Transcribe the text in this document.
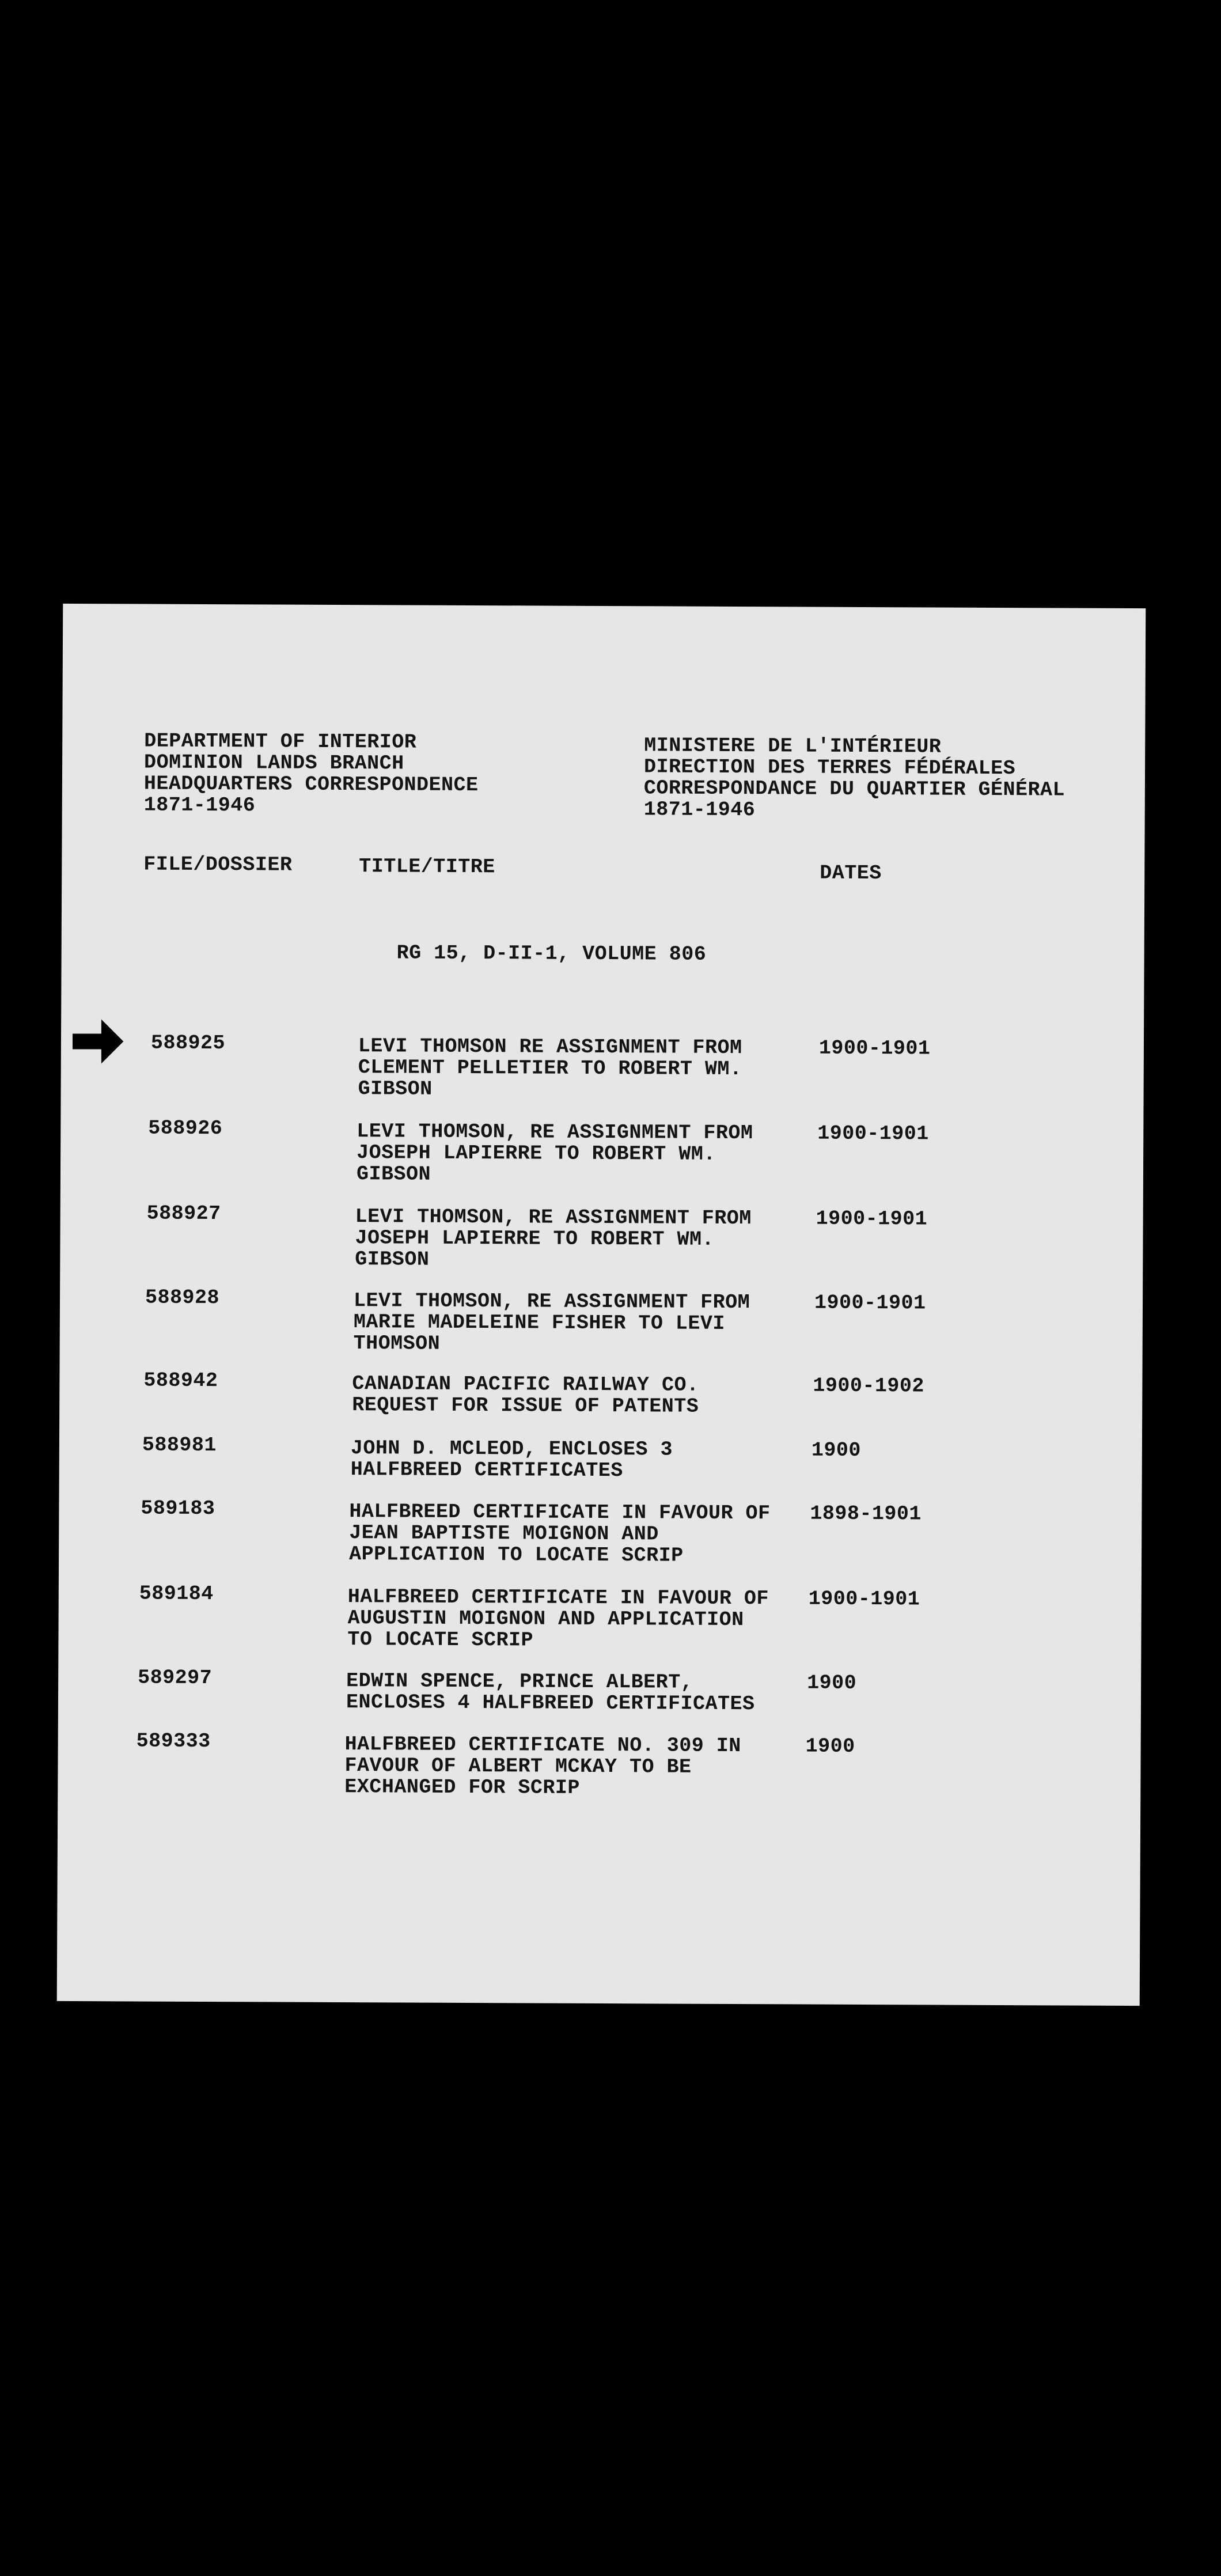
DEPARTMENT OF INTERIOR
DOMINION LANDS BRANCH
HEADQUARTERS CORRESPONDENCE
1871-1946

MINISTERE DE L'INTÉRIEUR
DIRECTION DES TERRES FÉDÉRALES
CORRESPONDANCE DU QUARTIER GÉNÉRAL
1871-1946

FILE/DOSSIER	TITLE/TITRE	DATES

RG 15, D-II-1, VOLUME 806

588925	LEVI THOMSON RE ASSIGNMENT FROM
CLEMENT PELLETIER TO ROBERT WM.
GIBSON

1900-1901

588926	LEVI THOMSON, RE ASSIGNMENT FROM
JOSEPH LAPIERRE TO ROBERT WM.
GIBSON

1900-1901

588927	LEVI THOMSON, RE ASSIGNMENT FROM
JOSEPH LAPIERRE TO ROBERT WM.
GIBSON

1900-1901

588928	LEVI THOMSON, RE ASSIGNMENT FROM
MARIE MADELEINE FISHER TO LEVI
THOMSON

1900-1901

588942	CANADIAN PACIFIC RAILWAY CO.
REQUEST FOR ISSUE OF PATENTS

1900-1902

588981	JOHN D. MCLEOD, ENCLOSES 3
HALFBREED CERTIFICATES

1900

589183	HALFBREED CERTIFICATE IN FAVOUR OF
JEAN BAPTISTE MOIGNON AND
APPLICATION TO LOCATE SCRIP

1898-1901

589184	HALFBREED CERTIFICATE IN FAVOUR OF
AUGUSTIN MOIGNON AND APPLICATION
TO LOCATE SCRIP

1900-1901

589297	EDWIN SPENCE, PRINCE ALBERT,
ENCLOSES 4 HALFBREED CERTIFICATES

1900

589333	HALFBREED CERTIFICATE NO. 309 IN
FAVOUR OF ALBERT MCKAY TO BE
EXCHANGED FOR SCRIP

1900
